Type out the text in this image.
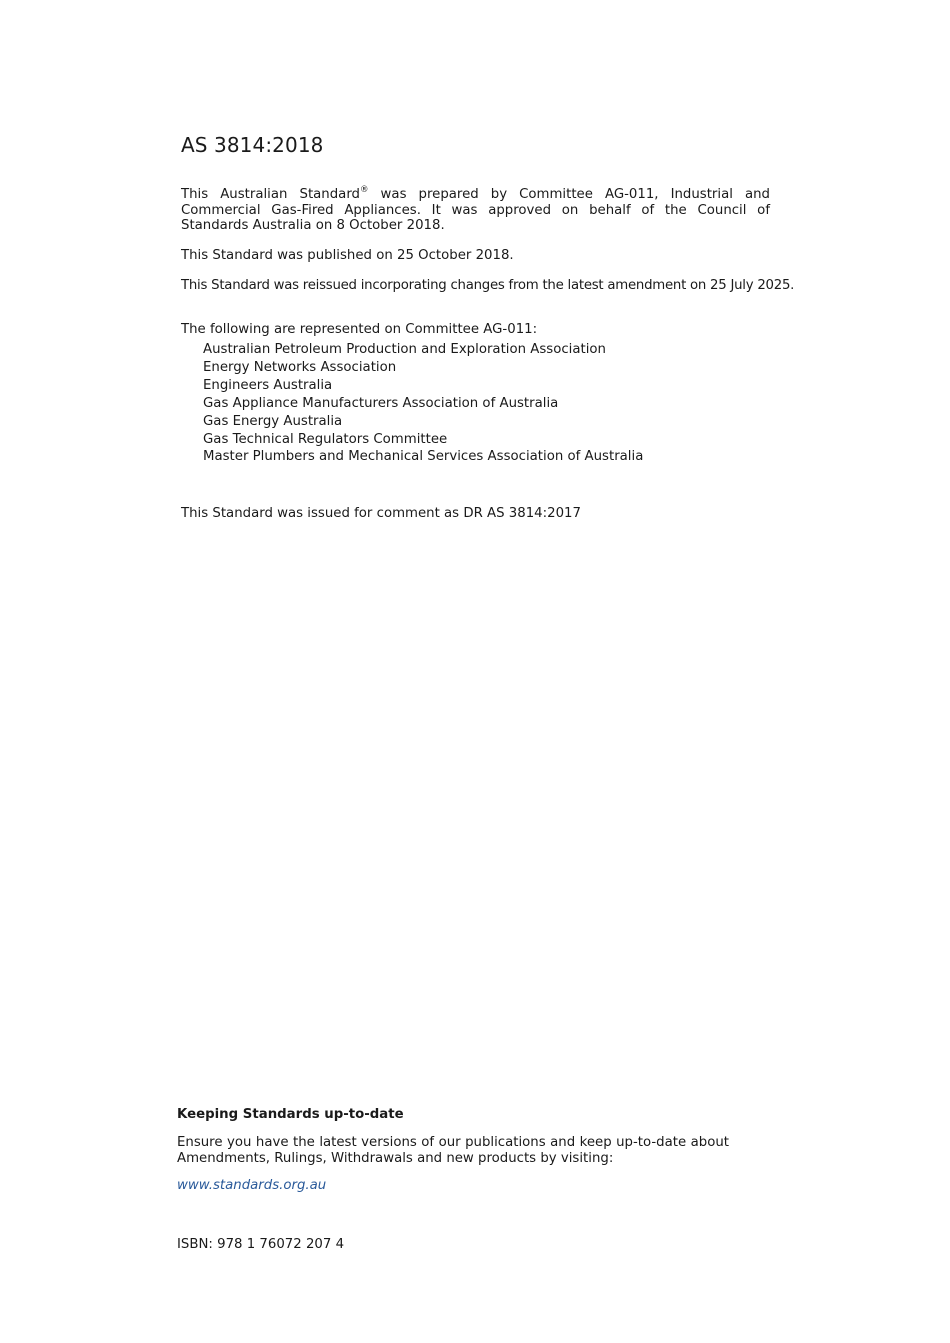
AS 3814:2018
This Australian Standard® was prepared by Committee AG-011, Industrial and Commercial Gas-Fired Appliances. It was approved on behalf of the Council of Standards Australia on 8 October 2018.
This Standard was published on 25 October 2018.
This Standard was reissued incorporating changes from the latest amendment on 25 July 2025.
The following are represented on Committee AG-011:
Australian Petroleum Production and Exploration Association
Energy Networks Association
Engineers Australia
Gas Appliance Manufacturers Association of Australia
Gas Energy Australia
Gas Technical Regulators Committee
Master Plumbers and Mechanical Services Association of Australia
This Standard was issued for comment as DR AS 3814:2017
Keeping Standards up-to-date
Ensure you have the latest versions of our publications and keep up-to-date about Amendments, Rulings, Withdrawals and new products by visiting:
www.standards.org.au
ISBN: 978 1 76072 207 4
